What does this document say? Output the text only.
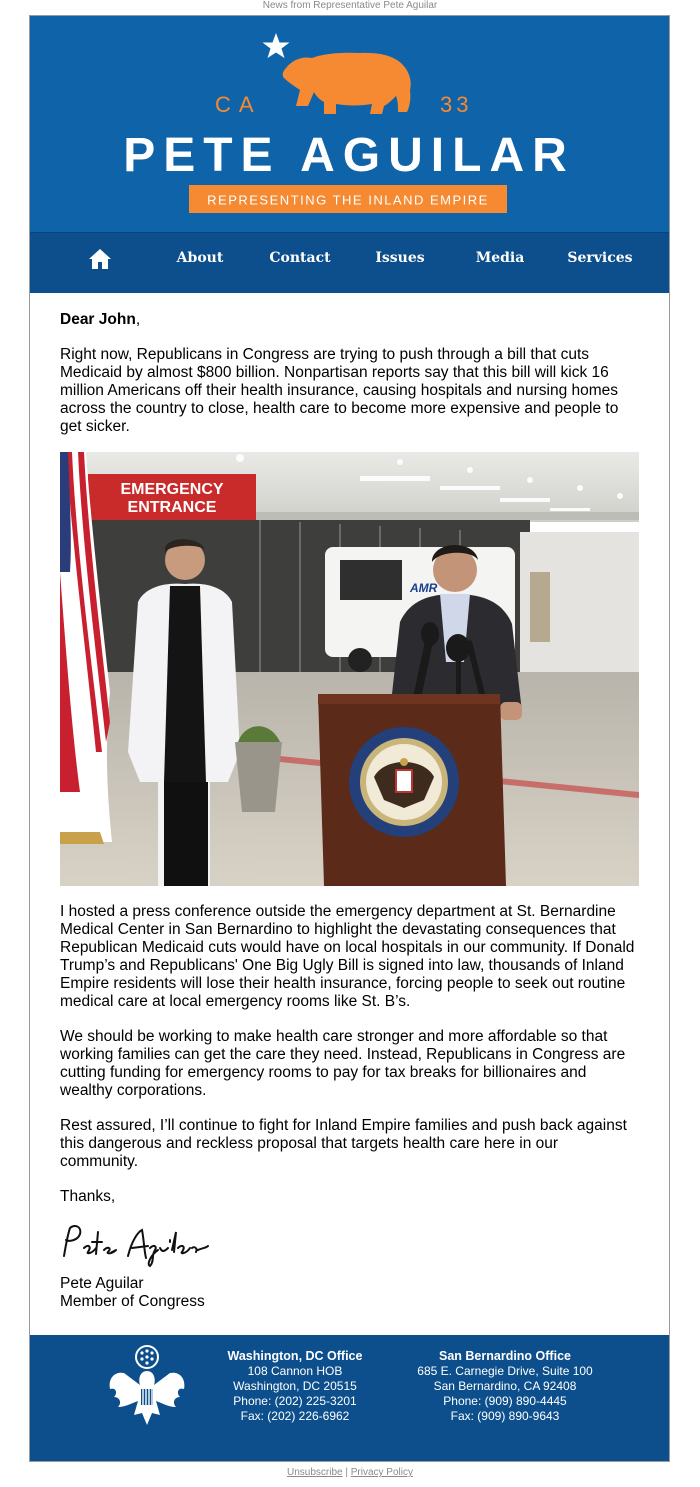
News from Representative Pete Aguilar
CA	33
PETE AGUILAR
REPRESENTING THE INLAND EMPIRE
About	Contact	Issues	Media	Services

Dear John,

Right now, Republicans in Congress are trying to push through a bill that cuts Medicaid by almost $800 billion. Nonpartisan reports say that this bill will kick 16 million Americans off their health insurance, causing hospitals and nursing homes across the country to close, health care to become more expensive and people to get sicker.

EMERGENCY
ENTRANCE
AMR

I hosted a press conference outside the emergency department at St. Bernardine Medical Center in San Bernardino to highlight the devastating consequences that Republican Medicaid cuts would have on local hospitals in our community. If Donald Trump’s and Republicans' One Big Ugly Bill is signed into law, thousands of Inland Empire residents will lose their health insurance, forcing people to seek out routine medical care at local emergency rooms like St. B’s.

We should be working to make health care stronger and more affordable so that working families can get the care they need. Instead, Republicans in Congress are cutting funding for emergency rooms to pay for tax breaks for billionaires and wealthy corporations.

Rest assured, I’ll continue to fight for Inland Empire families and push back against this dangerous and reckless proposal that targets health care here in our community.

Thanks,

Pete Aguilar

Member of Congress

Washington, DC Office
108 Cannon HOB
Washington, DC 20515
Phone: (202) 225-3201
Fax: (202) 226-6962
San Bernardino Office
685 E. Carnegie Drive, Suite 100
San Bernardino, CA 92408
Phone: (909) 890-4445
Fax: (909) 890-9643
Unsubscribe | Privacy Policy
